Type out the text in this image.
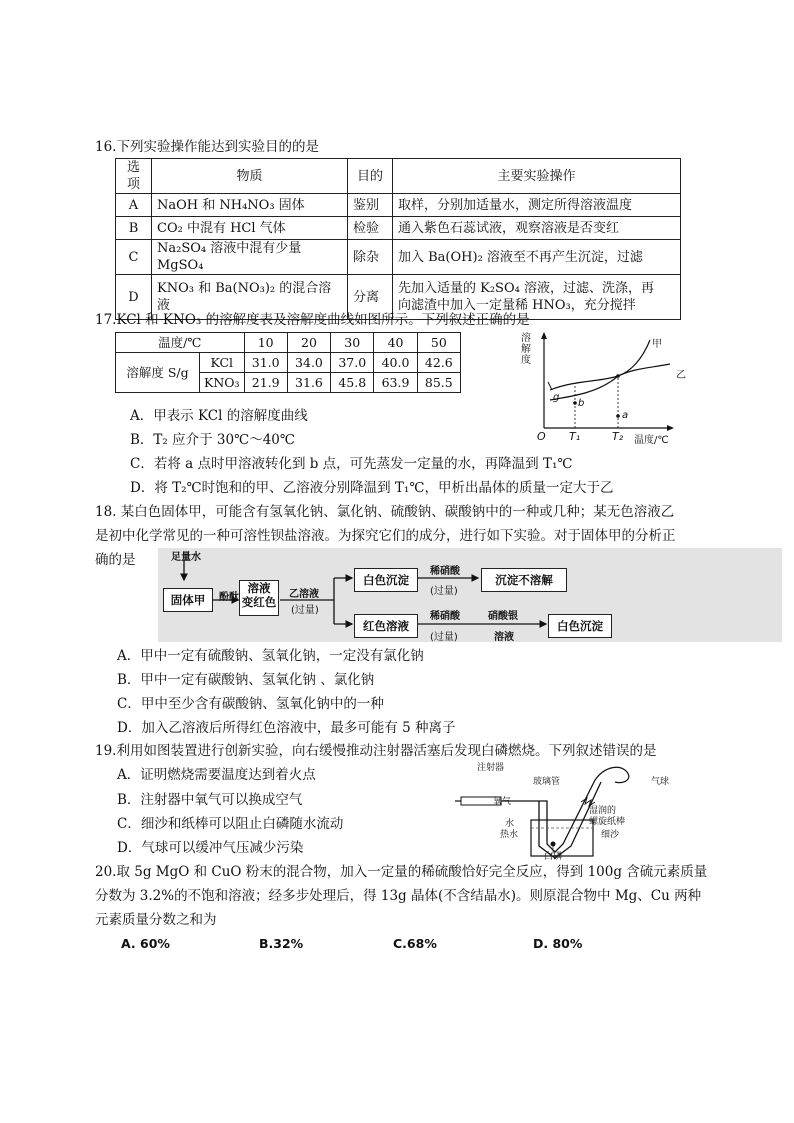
16.下列实验操作能达到实验目的的是
选项	物质	目的	主要实验操作
A	NaOH 和 NH₄NO₃ 固体	鉴别	取样，分别加适量水，测定所得溶液温度
B	CO₂ 中混有 HCl 气体	检验	通入紫色石蕊试液，观察溶液是否变红
C	Na₂SO₄ 溶液中混有少量 MgSO₄	除杂	加入 Ba(OH)₂ 溶液至不再产生沉淀，过滤
D	KNO₃ 和 Ba(NO₃)₂ 的混合溶液	分离	先加入适量的 K₂SO₄ 溶液，过滤、洗涤，再
向滤渣中加入一定量稀 HNO₃，充分搅拌
17.KCl 和 KNO₃ 的溶解度表及溶解度曲线如图所示。下列叙述正确的是
温度/℃		10	20	30	40	50
溶解度 S/g	KCl	31.0	34.0	37.0	40.0	42.6
	KNO₃	21.9	31.6	45.8	63.9	85.5
溶
解
度
甲
乙
g
b
a
O T₁	T₂ 温度/℃
A．甲表示 KCl 的溶解度曲线
B．T₂ 应介于 30℃～40℃
C．若将 a 点时甲溶液转化到 b 点，可先蒸发一定量的水，再降温到 T₁℃
D．将 T₂℃时饱和的甲、乙溶液分别降温到 T₁℃，甲析出晶体的质量一定大于乙
18. 某白色固体甲，可能含有氢氧化钠、氯化钠、硫酸钠、碳酸钠中的一种或几种；某无色溶液乙
是初中化学常见的一种可溶性钡盐溶液。为探究它们的成分，进行如下实验。对于固体甲的分析正
确的是	足量水
固体甲	酚酞
溶液
变红色
乙溶液
(过量)
白色沉淀
稀硝酸
(过量)
沉淀不溶解
红色溶液
稀硝酸
(过量)
硝酸银
溶液
白色沉淀
A．甲中一定有硫酸钠、氢氧化钠，一定没有氯化钠
B．甲中一定有碳酸钠、氢氧化钠 、氯化钠
C．甲中至少含有碳酸钠、氢氧化钠中的一种
D．加入乙溶液后所得红色溶液中，最多可能有 5 种离子
19.利用如图装置进行创新实验，向右缓慢推动注射器活塞后发现白磷燃烧。下列叙述错误的是
A．证明燃烧需要温度达到着火点
B．注射器中氧气可以换成空气
C．细沙和纸棒可以阻止白磷随水流动
D．气球可以缓冲气压减少污染
注射器
玻璃管	气球
氧气
湿润的
螺旋纸棒
水
热水	细沙
白磷
20.取 5g MgO 和 CuO 粉末的混合物，加入一定量的稀硫酸恰好完全反应，得到 100g 含硫元素质量
分数为 3.2%的不饱和溶液；经多步处理后，得 13g 晶体(不含结晶水)。则原混合物中 Mg、Cu 两种
元素质量分数之和为
A. 60%	B.32%	C.68%	D. 80%
